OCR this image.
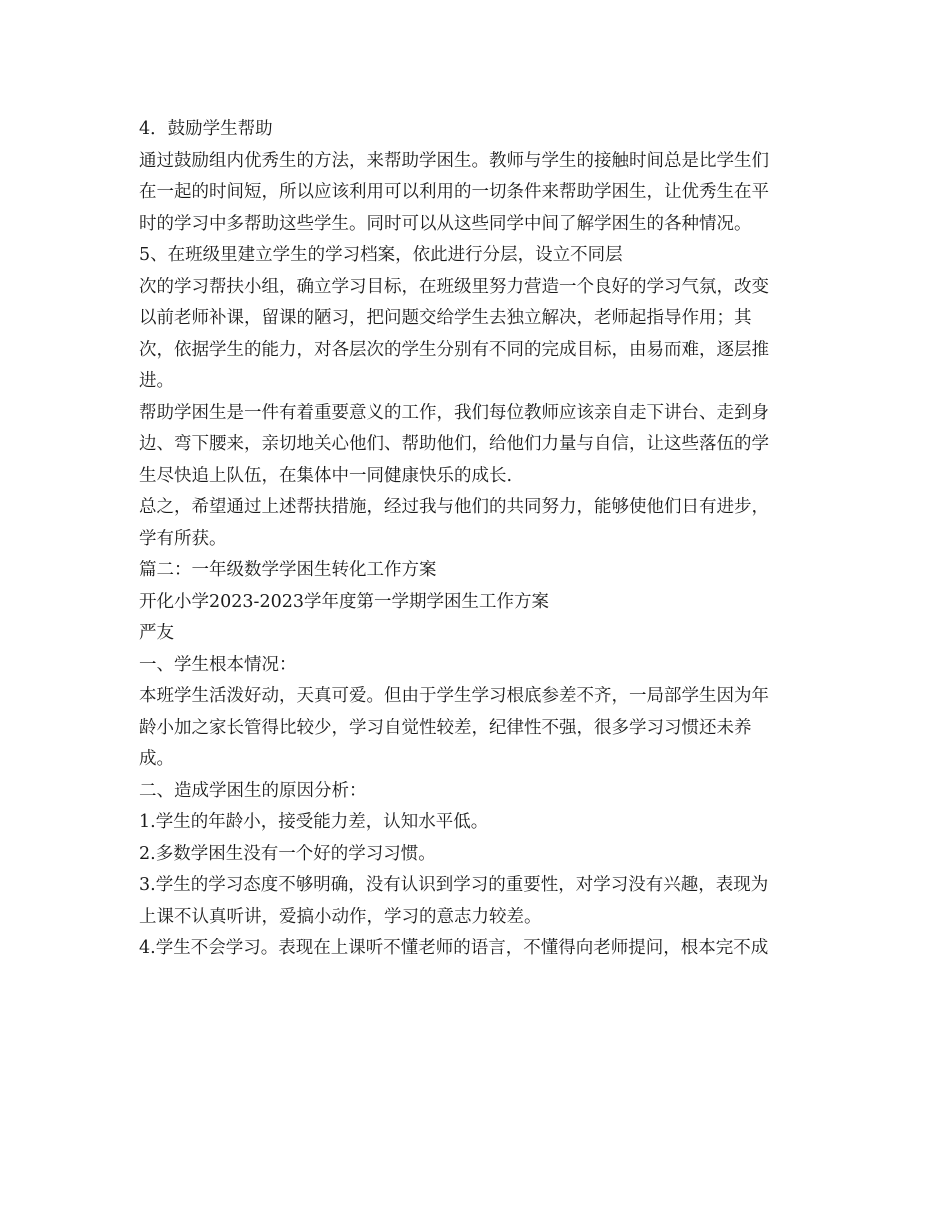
4．鼓励学生帮助
通过鼓励组内优秀生的方法，来帮助学困生。教师与学生的接触时间总是比学生们
在一起的时间短，所以应该利用可以利用的一切条件来帮助学困生，让优秀生在平
时的学习中多帮助这些学生。同时可以从这些同学中间了解学困生的各种情况。
5、在班级里建立学生的学习档案，依此进行分层，设立不同层
次的学习帮扶小组，确立学习目标，在班级里努力营造一个良好的学习气氛，改变
以前老师补课，留课的陋习，把问题交给学生去独立解决，老师起指导作用；其
次，依据学生的能力，对各层次的学生分别有不同的完成目标，由易而难，逐层推
进。
帮助学困生是一件有着重要意义的工作，我们每位教师应该亲自走下讲台、走到身
边、弯下腰来，亲切地关心他们、帮助他们，给他们力量与自信，让这些落伍的学
生尽快追上队伍，在集体中一同健康快乐的成长.
总之，希望通过上述帮扶措施，经过我与他们的共同努力，能够使他们日有进步，
学有所获。
篇二：一年级数学学困生转化工作方案
开化小学2023-2023学年度第一学期学困生工作方案
严友
一、学生根本情况：
本班学生活泼好动，天真可爱。但由于学生学习根底参差不齐，一局部学生因为年
龄小加之家长管得比较少，学习自觉性较差，纪律性不强，很多学习习惯还未养
成。
二、造成学困生的原因分析：
1.学生的年龄小，接受能力差，认知水平低。
2.多数学困生没有一个好的学习习惯。
3.学生的学习态度不够明确，没有认识到学习的重要性，对学习没有兴趣，表现为
上课不认真听讲，爱搞小动作，学习的意志力较差。
4.学生不会学习。表现在上课听不懂老师的语言，不懂得向老师提问，根本完不成
